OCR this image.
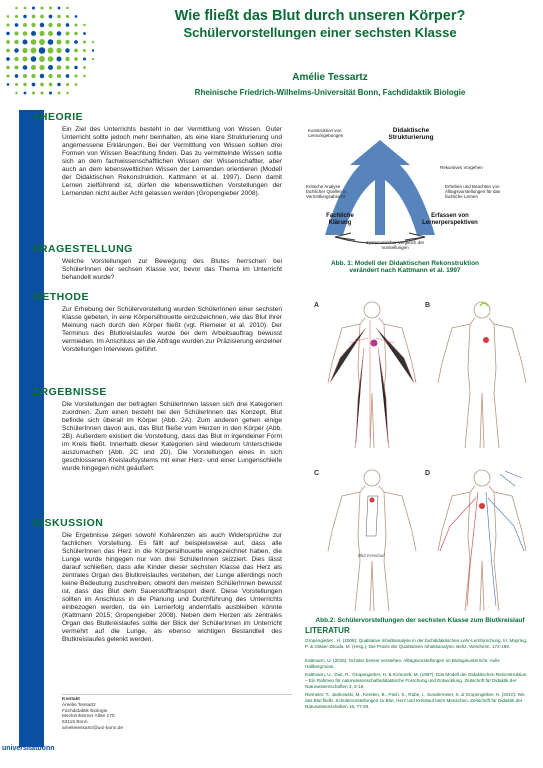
universitätbonn
Wie fließt das Blut durch unseren Körper?
Schülervorstellungen einer sechsten Klasse
Amélie Tessartz
Rheinische Friedrich-Wilhelms-Universität Bonn, Fachdidaktik Biologie
THEORIE
Ein Ziel des Unterrichts besteht in der Vermittlung von Wissen. Guter Unterricht sollte jedoch mehr beinhalten, als eine klare Strukturierung und angemessene Erklärungen. Bei der Vermittlung von Wissen sollten drei Formen von Wissen Beachtung finden. Das zu vermittelnde Wissen sollte sich an dem fachwissenschaftlichen Wissen der Wissenschaftler, aber auch an dem lebensweltlichen Wissen der Lernenden orientieren (Modell der Didaktischen Rekonstruktion, Kattmann et al. 1997). Denn damit Lernen zielführend ist, dürfen die lebensweltlichen Vorstellungen der Lernenden nicht außer Acht gelassen werden (Gropengieber 2008).
FRAGESTELLUNG
Welche Vorstellungen zur Bewegung des Blutes herrschen bei SchülerInnen der sechsen Klasse vor, bevor das Thema im Unterricht behandelt wurde?
METHODE
Zur Erhebung der Schülervorstellung wurden SchülerInnen einer sechsten Klasse gebeten, in eine Körpersilhouette einzuzeichnen, wie das Blut ihrer Meinung nach durch den Körper fließt (vgl. Riemeier et al. 2010). Der Terminus des Blutkreislaufes wurde bei dem Arbeitsauftrag bewusst vermieden. Im Anschluss an die Abfrage wurden zur Präzisierung einzelner Vorstellungen Interviews geführt.
ERGEBNISSE
Die Vorstellungen der befragten SchülerInnen lassen sich drei Kategorien zuordnen. Zum einen besteht bei den SchülerInnen das Konzept, Blut befinde sich überall im Körper (Abb. 2A). Zum anderen gehen einige SchülerInnen davon aus, das Blut fließe vom Herzen in den Körper (Abb. 2B). Außerdem existiert die Vorstellung, dass das Blut in irgendeiner Form im Kreis fließt. Innerhalb dieser Kategorien sind wiederum Unterschiede auszumachen (Abb. 2C und 2D). Die Vorstellungen eines in sich geschlossenen Kreislaufsystems mit einer Herz- und einer Lungenschleife wurde hingegen nicht geäußert.
DISKUSSION
Die Ergebnisse zeigen sowohl Kohärenzen als auch Widersprüche zur fachlichen Vorstellung. Es fällt auf beispielsweise auf, dass alle SchülerInnen das Herz in die Körpersilhouette eingezeichnet haben, die Lunge wurde hingegen nur von drei SchülerInnen skizziert. Dies lässt darauf schließen, dass alle Kinder dieser sechsten Klasse das Herz als zentrales Organ des Blutkreislaufes verstehen, der Lunge allerdings noch keine Bedeutung zuschreiben, obwohl den meisten SchülerInnen bewusst ist, dass das Blut dem Sauerstofftransport dient. Diese Vorstellungen sollten im Anschluss in die Planung und Durchführung des Unterrichts einbezogen werden, da ein Lernerfolg andernfalls ausbleiben könnte (Kattmann 2015; Gropengieber 2008). Neben dem Herzen als zentrales Organ des Blutkreislaufes sollte der Blick der SchülerInnen im Unterricht vermehrt auf die Lunge, als ebenso wichtigen Bestandteil des Blutkreislaufes gelenkt werden.
Kontakt
Amélie Tessartz
Fachdidaktik Biologie
Meckenheimer Allee 170
53115 Bonn
amelietessartz@uni-bonn.de
Didaktische Strukturierung
Konstruktion von Lernumgebungen
Rekursives Vorgehen
Kritische Analyse fachlicher Quellen in Vermittlungsabsicht
Erheben und Beachten von Alltagsvorstellungen für das fachliche Lernen
Fachliche Klärung
Erfassen von Lernerperspektiven
Systematischer Vergleich der Vorstellungen
Abb. 1: Modell der Didaktischen Rekonstruktion verändert nach Kattmann et al. 1997
A	B
C	D
Blut Kreislauf
Abb.2: Schülervorstellungen der sechsten Klasse zum Blutkreislauf
LITERATUR
Gropengieber , H. (2008): Qualitative Inhaltsanalyse in der fachdidaktischen Lehr-Lernforschung. In: Mayring, P. & Gläser-Zikuda, M. (Hrsg.): Die Praxis der Qualitativen Inhaltsanalyse. Beltz, Weinheim, 172-189.
Kattmann, U. (2015): Schüler besser verstehen. Alltagsvorstellungen im Biologieunterricht. Aulis Hallbergmoos.
Kattmann, U., Duit, R., Gropengieber, H. & Komorek, M. (1997): Das Modell der Didaktischen Rekonstruktion – Ein Rahmen für naturwissenschaftsdidaktische Forschung und Entwicklung. Zeitschrift für Didaktik der Naturwissenschaften 3, 3-18.
Riemeier, T., Jankowski, M., Kersten, B., Pach, S., Rabe, I., Sundermeier, S. & Gropengieber, H. (2010): Wo das Blut fließt. Schülervorstellungen zu Blut, Herz und Kreislauf beim Menschen. Zeitschrift für Didaktik der Naturwissenschaften 16, 77-93.
